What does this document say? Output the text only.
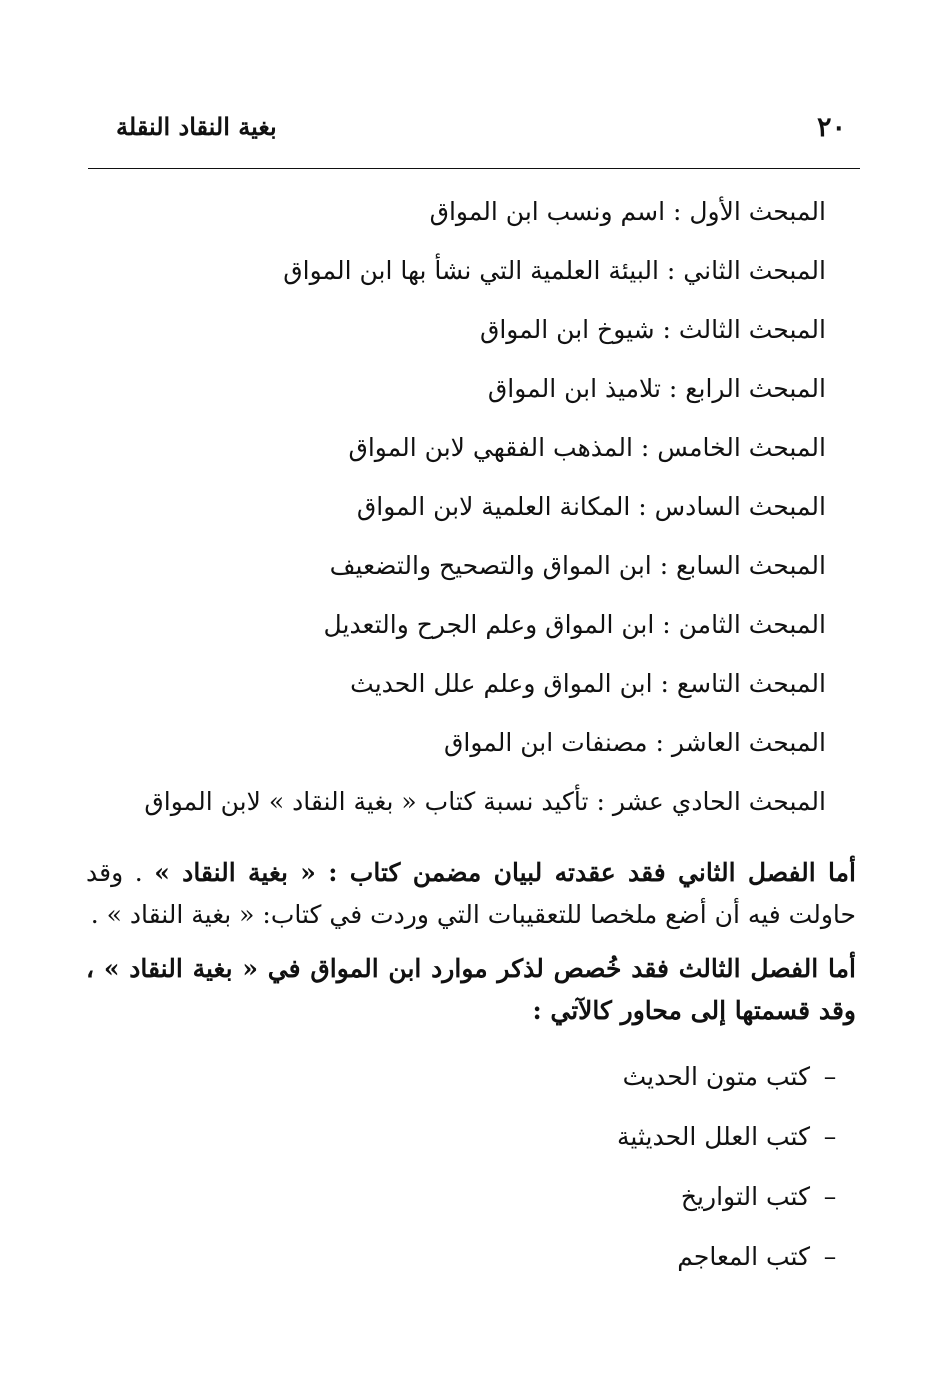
٢٠
بغية النقاد النقلة
المبحث الأول : اسم ونسب ابن المواق
المبحث الثاني : البيئة العلمية التي نشأ بها ابن المواق
المبحث الثالث : شيوخ ابن المواق
المبحث الرابع : تلاميذ ابن المواق
المبحث الخامس : المذهب الفقهي لابن المواق
المبحث السادس : المكانة العلمية لابن المواق
المبحث السابع : ابن المواق والتصحيح والتضعيف
المبحث الثامن : ابن المواق وعلم الجرح والتعديل
المبحث التاسع : ابن المواق وعلم علل الحديث
المبحث العاشر : مصنفات ابن المواق
المبحث الحادي عشر : تأكيد نسبة كتاب « بغية النقاد » لابن المواق

أما الفصل الثاني فقد عقدته لبيان مضمن كتاب : « بغية النقاد » . وقد حاولت فيه أن أضع ملخصا للتعقيبات التي وردت في كتاب: « بغية النقاد » .

أما الفصل الثالث فقد خُصص لذكر موارد ابن المواق في « بغية النقاد » ، وقد قسمتها إلى محاور كالآتي :

–كتب متون الحديث
–كتب العلل الحديثية
–كتب التواريخ
–كتب المعاجم
